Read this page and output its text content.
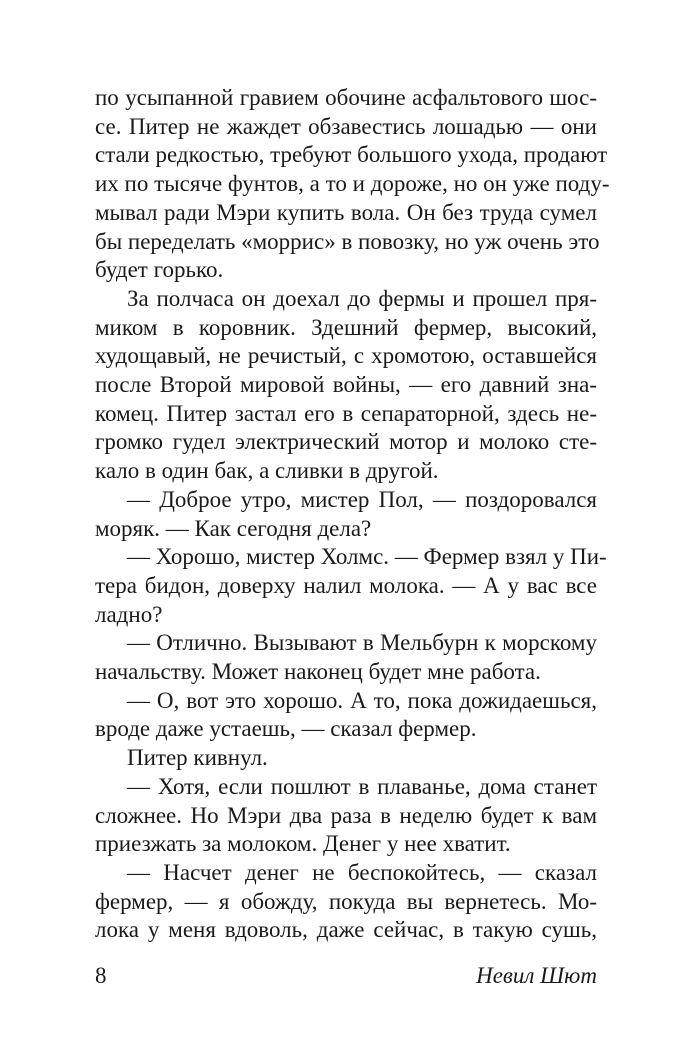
по усыпанной гравием обочине асфальтового шос-
се. Питер не жаждет обзавестись лошадью — они
стали редкостью, требуют большого ухода, продают
их по тысяче фунтов, а то и дороже, но он уже поду-
мывал ради Мэри купить вола. Он без труда сумел
бы переделать «моррис» в повозку, но уж очень это
будет горько.

За полчаса он доехал до фермы и прошел пря-
миком в коровник. Здешний фермер, высокий,
худощавый, не речистый, с хромотою, оставшейся
после Второй мировой войны, — его давний зна-
комец. Питер застал его в сепараторной, здесь не-
громко гудел электрический мотор и молоко сте-
кало в один бак, а сливки в другой.

— Доброе утро, мистер Пол, — поздоровался
моряк. — Как сегодня дела?

— Хорошо, мистер Холмс. — Фермер взял у Пи-
тера бидон, доверху налил молока. — А у вас все
ладно?

— Отлично. Вызывают в Мельбурн к морскому
начальству. Может наконец будет мне работа.

— О, вот это хорошо. А то, пока дожидаешься,
вроде даже устаешь, — сказал фермер.

Питер кивнул.

— Хотя, если пошлют в плаванье, дома станет
сложнее. Но Мэри два раза в неделю будет к вам
приезжать за молоком. Денег у нее хватит.

— Насчет денег не беспокойтесь, — сказал
фермер, — я обожду, покуда вы вернетесь. Мо-
лока у меня вдоволь, даже сейчас, в такую сушь,

8	Невил Шют
